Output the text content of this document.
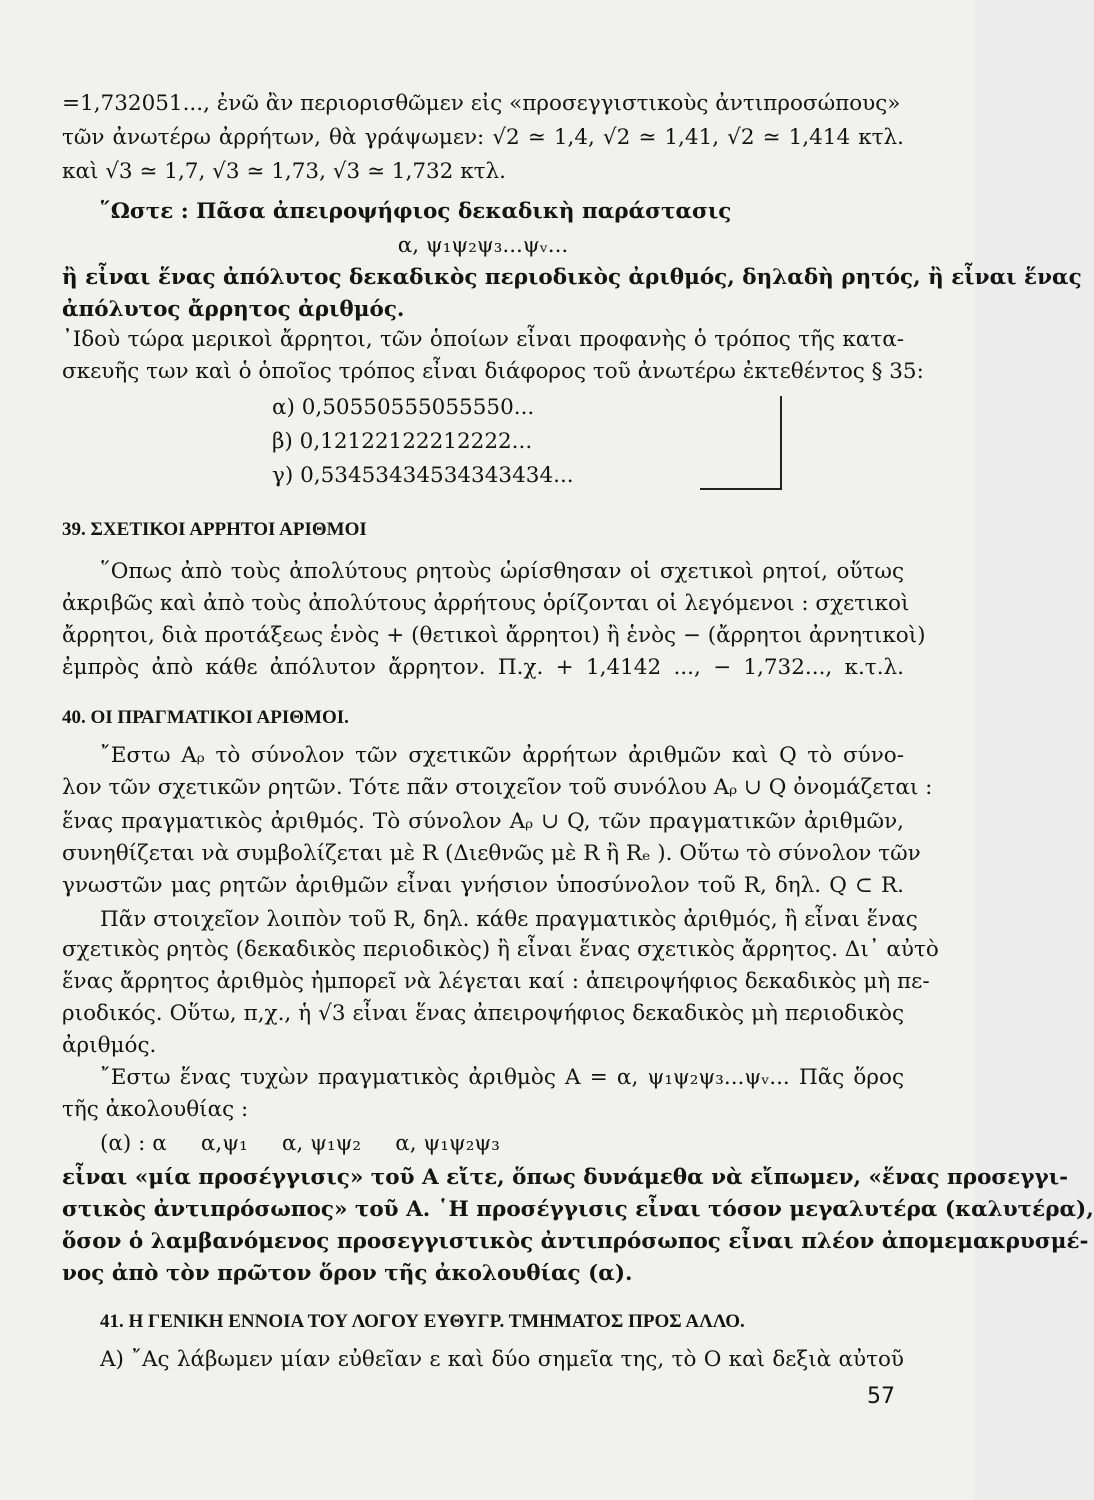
=1,732051..., ἐνῶ ἂν περιορισθῶμεν εἰς «προσεγγιστικοὺς ἀντιπροσώπους»
τῶν ἀνωτέρω ἀρρήτων, θὰ γράψωμεν: √2 ≃ 1,4, √2 ≃ 1,41, √2 ≃ 1,414 κτλ.
καὶ √3 ≃ 1,7, √3 ≃ 1,73, √3 ≃ 1,732 κτλ.
῞Ωστε : Πᾶσα ἀπειροψήφιος δεκαδικὴ παράστασις
α, ψ₁ψ₂ψ₃...ψᵥ...
ἢ εἶναι ἕνας ἀπόλυτος δεκαδικὸς περιοδικὸς ἀριθμός, δηλαδὴ ρητός, ἢ εἶναι ἕνας
ἀπόλυτος ἄρρητος ἀριθμός.
᾿Ιδοὺ τώρα μερικοὶ ἄρρητοι, τῶν ὁποίων εἶναι προφανὴς ὁ τρόπος τῆς κατα-
σκευῆς των καὶ ὁ ὁποῖος τρόπος εἶναι διάφορος τοῦ ἀνωτέρω ἐκτεθέντος § 35:
α) 0,50550555055550...
β) 0,12122122212222...
γ) 0,53453434534343434...
39. ΣΧΕΤΙΚΟΙ ΑΡΡΗΤΟΙ ΑΡΙΘΜΟΙ
῞Οπως ἀπὸ τοὺς ἀπολύτους ρητοὺς ὡρίσθησαν οἱ σχετικοὶ ρητοί, οὕτως
ἀκριβῶς καὶ ἀπὸ τοὺς ἀπολύτους ἀρρήτους ὁρίζονται οἱ λεγόμενοι : σχετικοὶ
ἄρρητοι, διὰ προτάξεως ἑνὸς + (θετικοὶ ἄρρητοι) ἢ ἑνὸς − (ἄρρητοι ἀρνητικοὶ)
ἐμπρὸς ἀπὸ κάθε ἀπόλυτον ἄρρητον. Π.χ. + 1,4142 ..., − 1,732..., κ.τ.λ.
40. ΟΙ ΠΡΑΓΜΑΤΙΚΟΙ ΑΡΙΘΜΟΙ.
῎Εστω Aᵨ τὸ σύνολον τῶν σχετικῶν ἀρρήτων ἀριθμῶν καὶ Q τὸ σύνο-
λον τῶν σχετικῶν ρητῶν. Τότε πᾶν στοιχεῖον τοῦ συνόλου Aᵨ ∪ Q ὀνομάζεται :
ἕνας πραγματικὸς ἀριθμός. Τὸ σύνολον Aᵨ ∪ Q, τῶν πραγματικῶν ἀριθμῶν,
συνηθίζεται νὰ συμβολίζεται μὲ R (Διεθνῶς μὲ R ἢ Rₑ ). Οὕτω τὸ σύνολον τῶν
γνωστῶν μας ρητῶν ἀριθμῶν εἶναι γνήσιον ὑποσύνολον τοῦ R, δηλ. Q ⊂ R.
Πᾶν στοιχεῖον λοιπὸν τοῦ R, δηλ. κάθε πραγματικὸς ἀριθμός, ἢ εἶναι ἕνας
σχετικὸς ρητὸς (δεκαδικὸς περιοδικὸς) ἢ εἶναι ἕνας σχετικὸς ἄρρητος. Δι᾽ αὐτὸ
ἕνας ἄρρητος ἀριθμὸς ἠμπορεῖ νὰ λέγεται καί : ἀπειροψήφιος δεκαδικὸς μὴ πε-
ριοδικός. Οὕτω, π,χ., ἡ √3 εἶναι ἕνας ἀπειροψήφιος δεκαδικὸς μὴ περιοδικὸς
ἀριθμός.
῎Εστω ἕνας τυχὼν πραγματικὸς ἀριθμὸς A = α, ψ₁ψ₂ψ₃...ψᵥ... Πᾶς ὅρος
τῆς ἀκολουθίας :
(α) : α     α,ψ₁     α, ψ₁ψ₂     α, ψ₁ψ₂ψ₃
εἶναι «μία προσέγγισις» τοῦ A εἴτε, ὅπως δυνάμεθα νὰ εἴπωμεν, «ἕνας προσεγγι-
στικὸς ἀντιπρόσωπος» τοῦ A. ῾Η προσέγγισις εἶναι τόσον μεγαλυτέρα (καλυτέρα),
ὅσον ὁ λαμβανόμενος προσεγγιστικὸς ἀντιπρόσωπος εἶναι πλέον ἀπομεμακρυσμέ-
νος ἀπὸ τὸν πρῶτον ὅρον τῆς ἀκολουθίας (α).
41. Η ΓΕΝΙΚΗ ΕΝΝΟΙΑ ΤΟΥ ΛΟΓΟΥ ΕΥΘΥΓΡ. ΤΜΗΜΑΤΟΣ ΠΡΟΣ ΑΛΛΟ.
A) ῎Ας λάβωμεν μίαν εὐθεῖαν ε καὶ δύο σημεῖα της, τὸ O καὶ δεξιὰ αὐτοῦ
57
